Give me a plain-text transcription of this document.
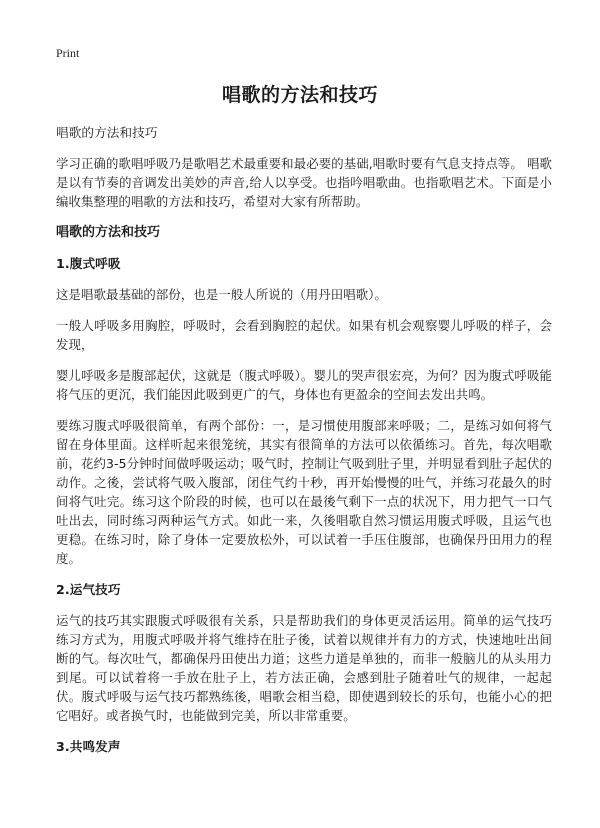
Print
唱歌的方法和技巧

唱歌的方法和技巧

学习正确的歌唱呼吸乃是歌唱艺术最重要和最必要的基础,唱歌时要有气息支持点等。 唱歌是以有节奏的音调发出美妙的声音,给人以享受。也指吟唱歌曲。也指歌唱艺术。下面是小编收集整理的唱歌的方法和技巧，希望对大家有所帮助。

唱歌的方法和技巧
1.腹式呼吸

这是唱歌最基础的部份，也是一般人所说的（用丹田唱歌）。

一般人呼吸多用胸腔，呼吸时，会看到胸腔的起伏。如果有机会观察婴儿呼吸的样子，会发现，

婴儿呼吸多是腹部起伏，这就是（腹式呼吸）。婴儿的哭声很宏亮，为何？因为腹式呼吸能将气压的更沉，我们能因此吸到更广的气，身体也有更盈余的空间去发出共鸣。

要练习腹式呼吸很简单，有两个部份：一，是习惯使用腹部来呼吸；二，是练习如何将气留在身体里面。这样听起来很笼统，其实有很简单的方法可以依循练习。首先，每次唱歌前，花约3-5分钟时间做呼吸运动；吸气时，控制让气吸到肚子里，并明显看到肚子起伏的动作。之後，尝试将气吸入腹部，闭住气约十秒，再开始慢慢的吐气，并练习花最久的时间将气吐完。练习这个阶段的时候，也可以在最後气剩下一点的状况下，用力把气一口气吐出去，同时练习两种运气方式。如此一来，久後唱歌自然习惯运用腹式呼吸，且运气也更稳。在练习时，除了身体一定要放松外，可以试着一手压住腹部，也确保丹田用力的程度。

2.运气技巧

运气的技巧其实跟腹式呼吸很有关系，只是帮助我们的身体更灵活运用。简单的运气技巧练习方式为，用腹式呼吸并将气维持在肚子後，试着以规律并有力的方式，快速地吐出间断的气。每次吐气，都确保丹田使出力道；这些力道是单独的，而非一般脑儿的从头用力到尾。可以试着将一手放在肚子上，若方法正确，会感到肚子随着吐气的规律，一起起伏。腹式呼吸与运气技巧都熟练後，唱歌会相当稳，即使遇到较长的乐句，也能小心的把它唱好。或者换气时，也能做到完美，所以非常重要。

3.共鸣发声
